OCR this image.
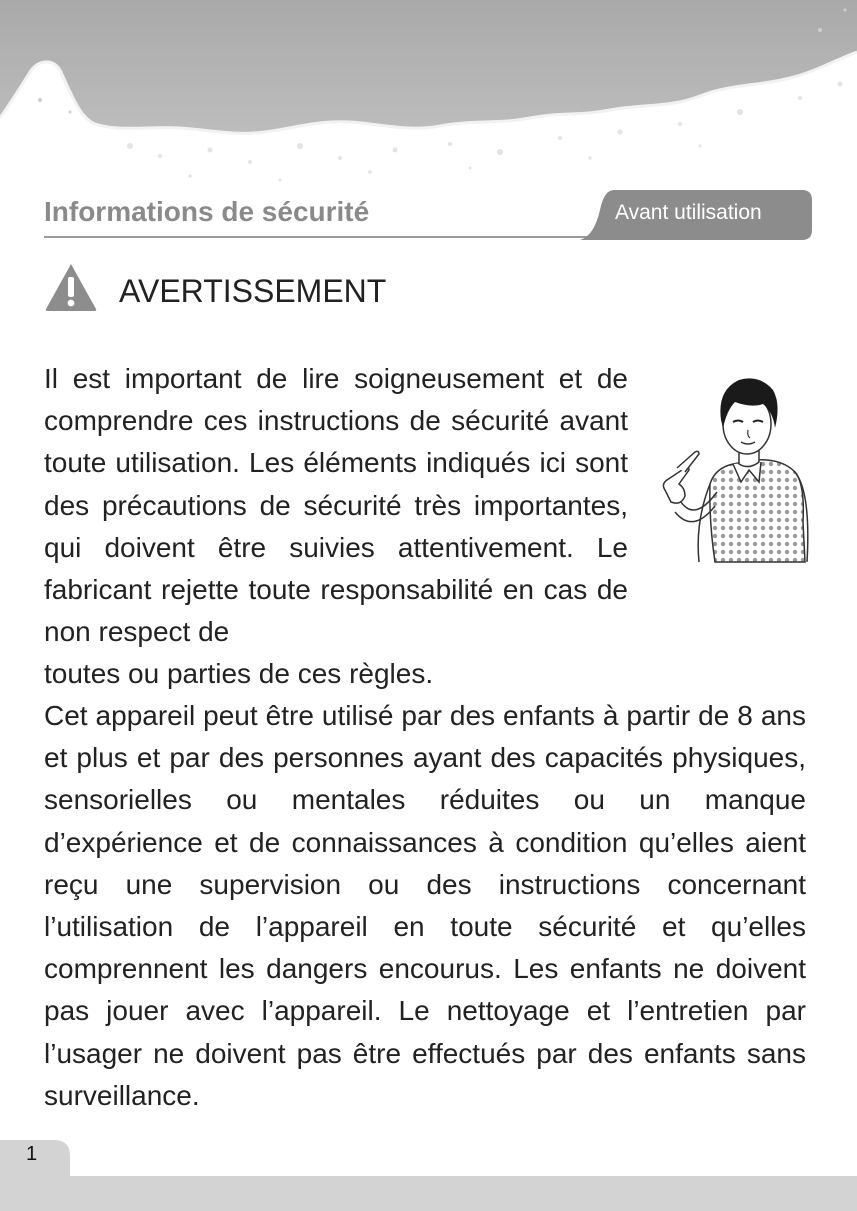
Informations de sécurité	Avant utilisation
AVERTISSEMENT

Il est important de lire soigneusement et de comprendre ces instructions de sécurité avant toute utilisation. Les éléments indiqués ici sont des précautions de sécurité très importantes, qui doivent être suivies attentivement. Le fabricant rejette toute responsabilité en cas de non respect de

toutes ou parties de ces règles.

Cet appareil peut être utilisé par des enfants à partir de 8 ans et plus et par des personnes ayant des capacités physiques, sensorielles ou mentales réduites ou un manque d’expérience et de connaissances à condition qu’elles aient reçu une supervision ou des instructions concernant l’utilisation de l’appareil en toute sécurité et qu’elles comprennent les dangers encourus. Les enfants ne doivent pas jouer avec l’appareil. Le nettoyage et l’entretien par l’usager ne doivent pas être effectués par des enfants sans surveillance.

1
